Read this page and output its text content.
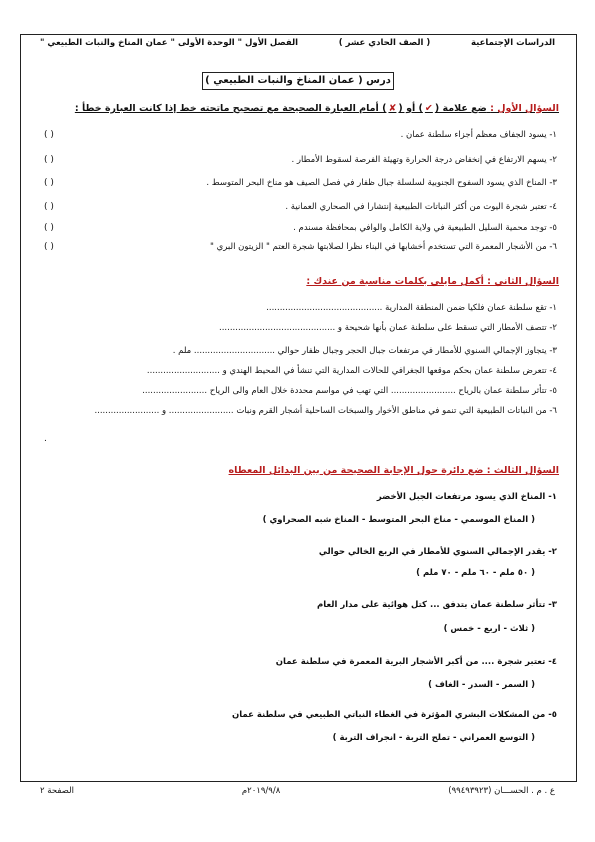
الدراسات الإجتماعية
( الصف الحادي عشر )
الفصل الأول " الوحدة الأولى " عمان المناخ والنبات الطبيعي "
درس ( عمان المناخ والنبات الطبيعي )
السؤال الأول : ضع علامة (✔) أو (✘) أمام العبارة الصحيحة مع تصحيح ماتحته خط إذا كانت العبارة خطأ :
١- يسود الجفاف معظم أجزاء سلطنة عمان .
( )
٢- يسهم الارتفاع في إنخفاض درجة الحرارة وتهيئة الفرصة لسقوط الأمطار .
( )
٣- المناخ الذي يسود السفوح الجنوبية لسلسلة جبال ظفار في فصل الصيف هو مناخ البحر المتوسط .
( )
٤- تعتبر شجرة اليوت من أكثر النباتات الطبيعية إنتشارا في الصحاري العمانية .
( )
٥- توجد محمية السليل الطبيعية في ولاية الكامل والوافي بمحافظة مسندم .
( )
٦- من الأشجار المعمرة التي تستخدم أخشابها في البناء نظرا لصلابتها شجرة العتم " الزيتون البري "
( )
السؤال الثاني : أكمل مايلي بكلمات مناسبة من عندك :
١- تقع سلطنة عمان فلكيا ضمن المنطقة المدارية ...........................................
٢- تتصف الأمطار التي تسقط على سلطنة عمان بأنها شحيحة و ...........................................
٣- يتجاوز الإجمالي السنوي للأمطار في مرتفعات جبال الحجر وجبال ظفار حوالي .............................. ملم .
٤- تتعرض سلطنة عمان بحكم موقعها الجغرافي للحالات المدارية التي تنشأ في المحيط الهندي و ...........................
٥- تتأثر سلطنة عمان بالرياح ........................ التي تهب في مواسم محددة خلال العام والى الرياح ........................
٦- من النباتات الطبيعية التي تنمو في مناطق الأخوار والسبخات الساحلية أشجار القرم ونبات ........................ و ........................
.
السؤال الثالث : ضع دائرة حول الإجابة الصحيحة من بين البدائل المعطاه
١- المناخ الذي يسود مرتفعات الجبل الأخضر
( المناخ الموسمي - مناخ البحر المتوسط - المناخ شبه الصحراوي )
٢- يقدر الإجمالي السنوي للأمطار في الربع الخالي حوالي
( ٥٠ ملم - ٦٠ ملم - ٧٠ ملم )
٣- تتأثر سلطنة عمان بتدفق ... كتل هوائية على مدار العام
( ثلاث - اربع - خمس )
٤- تعتبر شجرة .... من أكبر الأشجار البرية المعمرة في سلطنة عمان
( السمر - السدر - الغاف )
٥- من المشكلات البشري المؤثرة في الغطاء النباتي الطبيعي في سلطنة عمان
( التوسع العمراني - تملح التربة - انجراف التربة )
ع . م . الحســـان (٩٩٤٩٣٩٢٣)
٢٠١٩/٩/٨م
الصفحة ٢
